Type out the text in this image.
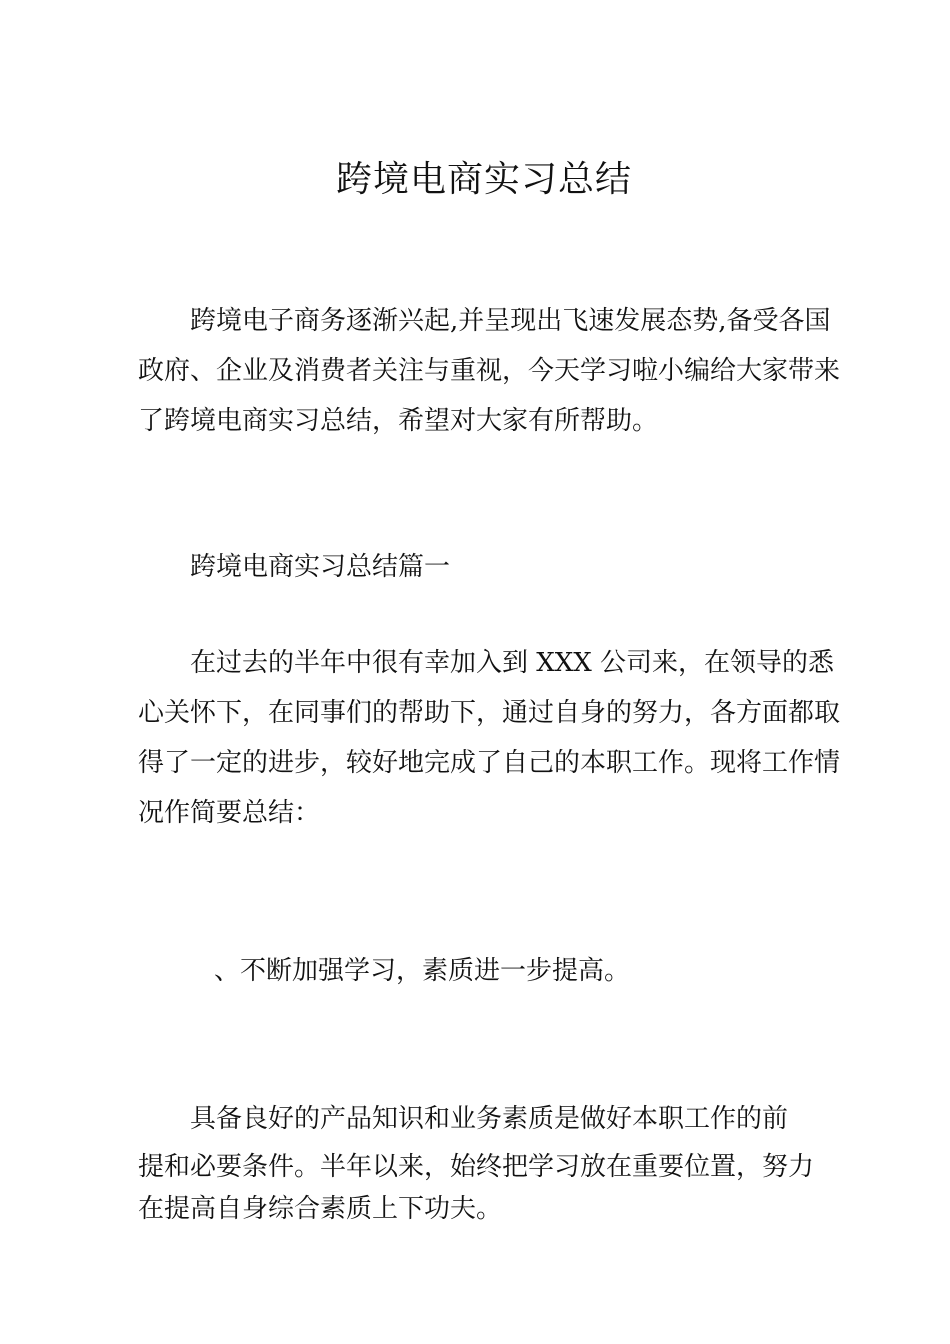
跨境电商实习总结
跨境电子商务逐渐兴起,并呈现出飞速发展态势,备受各国
政府、企业及消费者关注与重视，今天学习啦小编给大家带来
了跨境电商实习总结，希望对大家有所帮助。
跨境电商实习总结篇一
在过去的半年中很有幸加入到 XXX 公司来，在领导的悉
心关怀下，在同事们的帮助下，通过自身的努力，各方面都取
得了一定的进步，较好地完成了自己的本职工作。现将工作情
况作简要总结：
、不断加强学习，素质进一步提高。
具备良好的产品知识和业务素质是做好本职工作的前
提和必要条件。半年以来，始终把学习放在重要位置，努力
在提高自身综合素质上下功夫。
